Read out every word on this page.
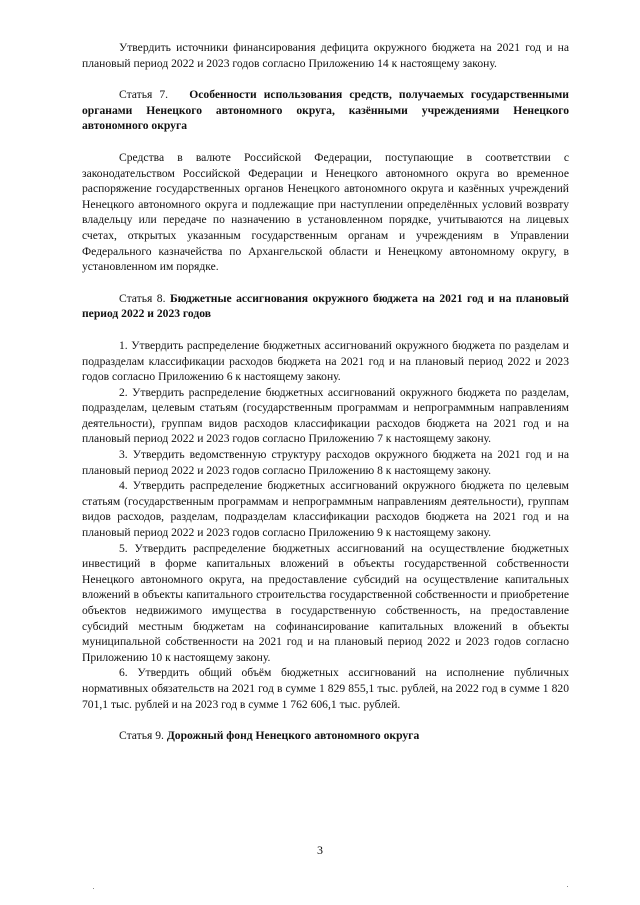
Утвердить источники финансирования дефицита окружного бюджета на 2021 год и на плановый период 2022 и 2023 годов согласно Приложению 14 к настоящему закону.

Статья 7. Особенности использования средств, получаемых государственными органами Ненецкого автономного округа, казёнными учреждениями Ненецкого автономного округа

Средства в валюте Российской Федерации, поступающие в соответствии с законодательством Российской Федерации и Ненецкого автономного округа во временное распоряжение государственных органов Ненецкого автономного округа и казённых учреждений Ненецкого автономного округа и подлежащие при наступлении определённых условий возврату владельцу или передаче по назначению в установленном порядке, учитываются на лицевых счетах, открытых указанным государственным органам и учреждениям в Управлении Федерального казначейства по Архангельской области и Ненецкому автономному округу, в установленном им порядке.

Статья 8. Бюджетные ассигнования окружного бюджета на 2021 год и на плановый период 2022 и 2023 годов

1. Утвердить распределение бюджетных ассигнований окружного бюджета по разделам и подразделам классификации расходов бюджета на 2021 год и на плановый период 2022 и 2023 годов согласно Приложению 6 к настоящему закону.

2. Утвердить распределение бюджетных ассигнований окружного бюджета по разделам, подразделам, целевым статьям (государственным программам и непрограммным направлениям деятельности), группам видов расходов классификации расходов бюджета на 2021 год и на плановый период 2022 и 2023 годов согласно Приложению 7 к настоящему закону.

3. Утвердить ведомственную структуру расходов окружного бюджета на 2021 год и на плановый период 2022 и 2023 годов согласно Приложению 8 к настоящему закону.

4. Утвердить распределение бюджетных ассигнований окружного бюджета по целевым статьям (государственным программам и непрограммным направлениям деятельности), группам видов расходов, разделам, подразделам классификации расходов бюджета на 2021 год и на плановый период 2022 и 2023 годов согласно Приложению 9 к настоящему закону.

5. Утвердить распределение бюджетных ассигнований на осуществление бюджетных инвестиций в форме капитальных вложений в объекты государственной собственности Ненецкого автономного округа, на предоставление субсидий на осуществление капитальных вложений в объекты капитального строительства государственной собственности и приобретение объектов недвижимого имущества в государственную собственность, на предоставление субсидий местным бюджетам на софинансирование капитальных вложений в объекты муниципальной собственности на 2021 год и на плановый период 2022 и 2023 годов согласно Приложению 10 к настоящему закону.

6. Утвердить общий объём бюджетных ассигнований на исполнение публичных нормативных обязательств на 2021 год в сумме 1 829 855,1 тыс. рублей, на 2022 год в сумме 1 820 701,1 тыс. рублей и на 2023 год в сумме 1 762 606,1 тыс. рублей.

Статья 9. Дорожный фонд Ненецкого автономного округа

3
